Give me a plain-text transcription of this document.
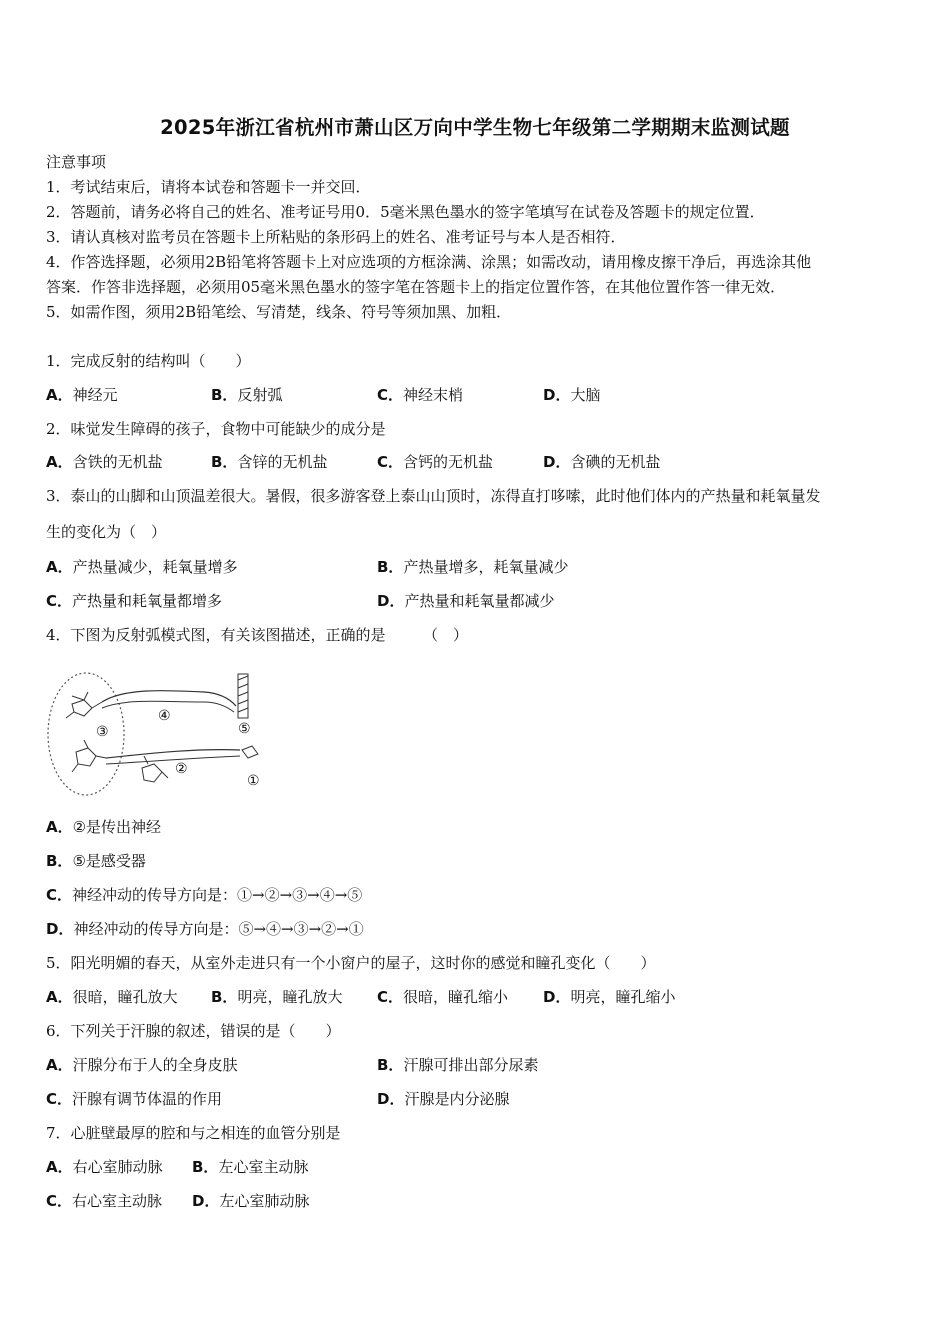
2025年浙江省杭州市萧山区万向中学生物七年级第二学期期末监测试题
注意事项
1．考试结束后，请将本试卷和答题卡一并交回．
2．答题前，请务必将自己的姓名、准考证号用0．5毫米黑色墨水的签字笔填写在试卷及答题卡的规定位置．
3．请认真核对监考员在答题卡上所粘贴的条形码上的姓名、准考证号与本人是否相符．
4．作答选择题，必须用2B铅笔将答题卡上对应选项的方框涂满、涂黑；如需改动，请用橡皮擦干净后，再选涂其他
答案．作答非选择题，必须用05毫米黑色墨水的签字笔在答题卡上的指定位置作答，在其他位置作答一律无效．
5．如需作图，须用2B铅笔绘、写清楚，线条、符号等须加黑、加粗．
1．完成反射的结构叫（　　）
A．神经元	B．反射弧	C．神经末梢	D．大脑
2．味觉发生障碍的孩子，食物中可能缺少的成分是
A．含铁的无机盐	B．含锌的无机盐	C．含钙的无机盐	D．含碘的无机盐
3．泰山的山脚和山顶温差很大。暑假，很多游客登上泰山山顶时，冻得直打哆嗦，此时他们体内的产热量和耗氧量发
生的变化为（　）
A．产热量减少，耗氧量增多	B．产热量增多，耗氧量减少
C．产热量和耗氧量都增多	D．产热量和耗氧量都减少
4．下图为反射弧模式图，有关该图描述，正确的是　　　（　）
⑤
④
③
②
①
A．②是传出神经
B．⑤是感受器
C．神经冲动的传导方向是：①→②→③→④→⑤
D．神经冲动的传导方向是：⑤→④→③→②→①
5．阳光明媚的春天，从室外走进只有一个小窗户的屋子，这时你的感觉和瞳孔变化（　　）
A．很暗，瞳孔放大 B．明亮，瞳孔放大 C．很暗，瞳孔缩小 D．明亮，瞳孔缩小
6．下列关于汗腺的叙述，错误的是（　　）
A．汗腺分布于人的全身皮肤	B．汗腺可排出部分尿素
C．汗腺有调节体温的作用	D．汗腺是内分泌腺
7．心脏壁最厚的腔和与之相连的血管分别是
A．右心室肺动脉 B．左心室主动脉
C．右心室主动脉 D．左心室肺动脉
